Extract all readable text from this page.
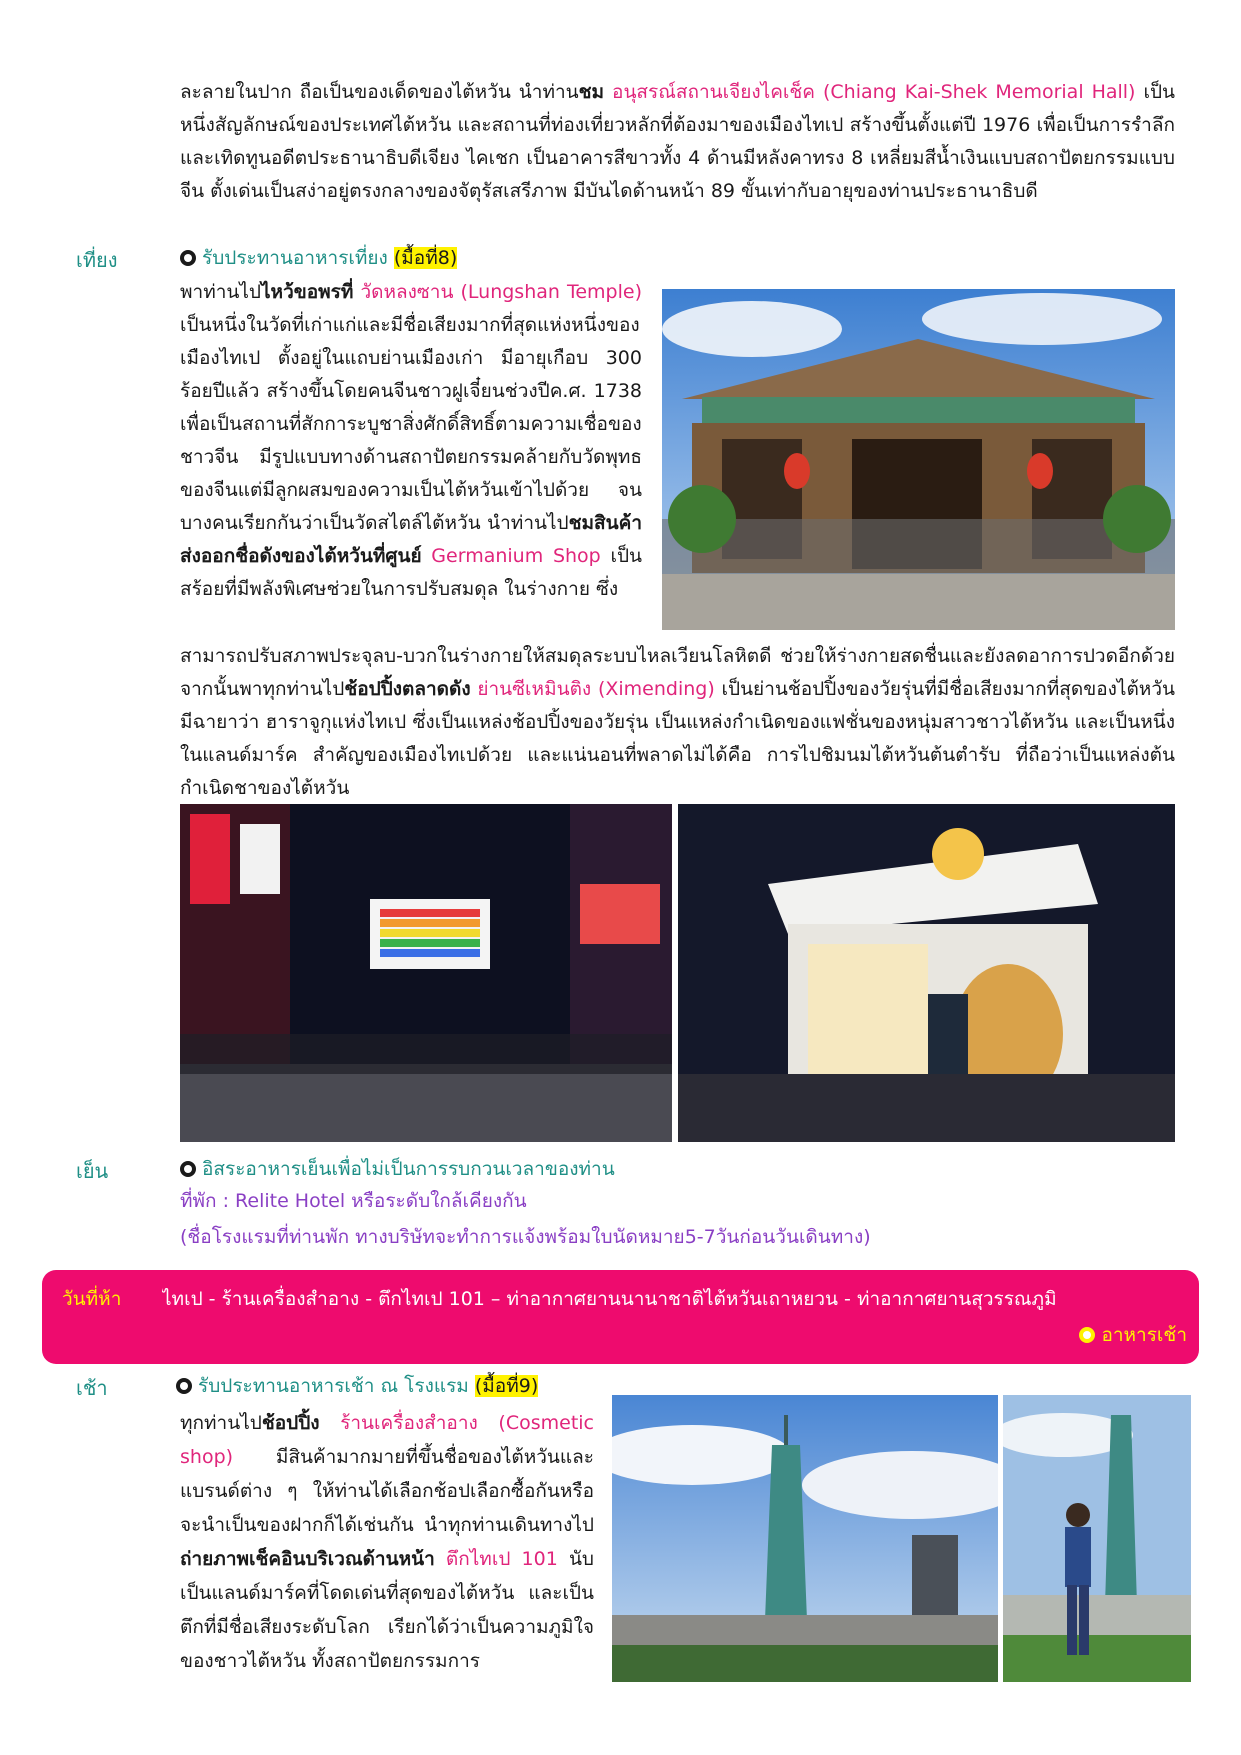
ละลายในปาก ถือเป็นของเด็ดของไต้หวัน นำท่านชม อนุสรณ์สถานเจียงไคเช็ค (Chiang Kai-Shek Memorial Hall) เป็นหนึ่งสัญลักษณ์ของประเทศไต้หวัน และสถานที่ท่องเที่ยวหลักที่ต้องมาของเมืองไทเป สร้างขึ้นตั้งแต่ปี 1976 เพื่อเป็นการรำลึกและเทิดทูนอดีตประธานาธิบดีเจียง ไคเชก เป็นอาคารสีขาวทั้ง 4 ด้านมีหลังคาทรง 8 เหลี่ยมสีน้ำเงินแบบสถาปัตยกรรมแบบจีน ตั้งเด่นเป็นสง่าอยู่ตรงกลางของจัตุรัสเสรีภาพ มีบันไดด้านหน้า 89 ขั้นเท่ากับอายุของท่านประธานาธิบดี
เที่ยง	รับประทานอาหารเที่ยง (มื้อที่8)
พาท่านไปไหว้ขอพรที่ วัดหลงซาน (Lungshan Temple) เป็นหนึ่งในวัดที่เก่าแก่และมีชื่อเสียงมากที่สุดแห่งหนึ่งของเมืองไทเป ตั้งอยู่ในแถบย่านเมืองเก่า มีอายุเกือบ 300 ร้อยปีแล้ว สร้างขึ้นโดยคนจีนชาวฝูเจี๋ยนช่วงปีค.ศ. 1738 เพื่อเป็นสถานที่สักการะบูชาสิ่งศักดิ์สิทธิ์ตามความเชื่อของชาวจีน มีรูปแบบทางด้านสถาปัตยกรรมคล้ายกับวัดพุทธของจีนแต่มีลูกผสมของความเป็นไต้หวันเข้าไปด้วย จนบางคนเรียกกันว่าเป็นวัดสไตล์ไต้หวัน นำท่านไปชมสินค้าส่งออกชื่อดังของไต้หวันที่ศูนย์ Germanium Shop เป็นสร้อยที่มีพลังพิเศษช่วยในการปรับสมดุล ในร่างกาย ซึ่ง
สามารถปรับสภาพประจุลบ-บวกในร่างกายให้สมดุลระบบไหลเวียนโลหิตดี ช่วยให้ร่างกายสดชื่นและยังลดอาการปวดอีกด้วย จากนั้นพาทุกท่านไปช้อปปิ้งตลาดดัง ย่านซีเหมินติง (Ximending) เป็นย่านช้อปปิ้งของวัยรุ่นที่มีชื่อเสียงมากที่สุดของไต้หวัน มีฉายาว่า ฮาราจูกุแห่งไทเป ซึ่งเป็นแหล่งช้อปปิ้งของวัยรุ่น เป็นแหล่งกำเนิดของแฟชั่นของหนุ่มสาวชาวไต้หวัน และเป็นหนึ่งในแลนด์มาร์ค สำคัญของเมืองไทเปด้วย และแน่นอนที่พลาดไม่ได้คือ การไปชิมนมไต้หวันต้นตำรับ ที่ถือว่าเป็นแหล่งต้นกำเนิดชาของไต้หวัน
เย็น	อิสระอาหารเย็นเพื่อไม่เป็นการรบกวนเวลาของท่าน
ที่พัก : Relite Hotel หรือระดับใกล้เคียงกัน
(ชื่อโรงแรมที่ท่านพัก ทางบริษัทจะทำการแจ้งพร้อมใบนัดหมาย5-7วันก่อนวันเดินทาง)
วันที่ห้า ไทเป - ร้านเครื่องสำอาง - ตึกไทเป 101 – ท่าอากาศยานนานาชาติไต้หวันเถาหยวน - ท่าอากาศยานสุวรรณภูมิ
อาหารเช้า
เช้า	รับประทานอาหารเช้า ณ โรงแรม (มื้อที่9)
ทุกท่านไปช้อปปิ้ง ร้านเครื่องสำอาง (Cosmetic shop) มีสินค้ามากมายที่ขึ้นชื่อของไต้หวันและแบรนด์ต่าง ๆ ให้ท่านได้เลือกช้อปเลือกซื้อกันหรือจะนำเป็นของฝากก็ได้เช่นกัน นำทุกท่านเดินทางไปถ่ายภาพเช็คอินบริเวณด้านหน้า ตึกไทเป 101 นับเป็นแลนด์มาร์คที่โดดเด่นที่สุดของไต้หวัน และเป็นตึกที่มีชื่อเสียงระดับโลก เรียกได้ว่าเป็นความภูมิใจของชาวไต้หวัน ทั้งสถาปัตยกรรมการ
